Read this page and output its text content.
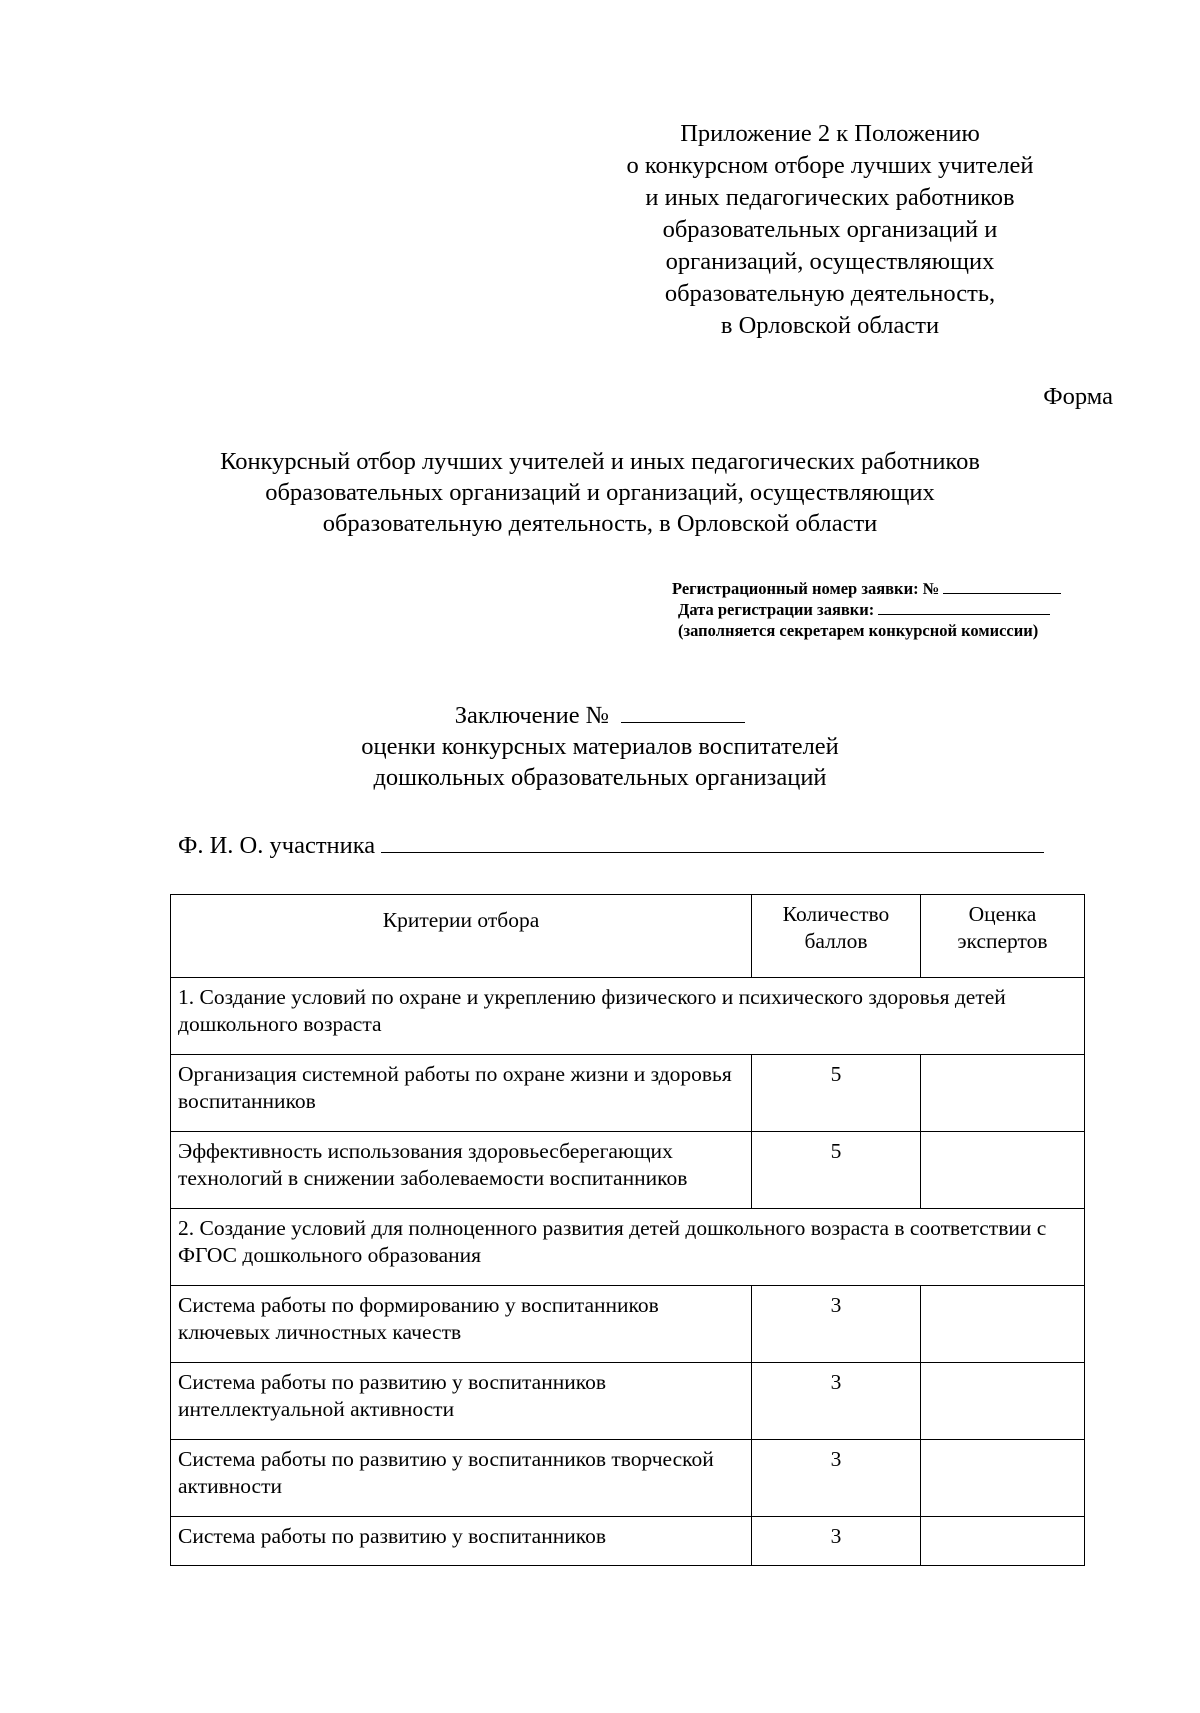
Приложение 2 к Положению
о конкурсном отборе лучших учителей
и иных педагогических работников
образовательных организаций и
организаций, осуществляющих
образовательную деятельность,
в Орловской области
Форма
Конкурсный отбор лучших учителей и иных педагогических работников
образовательных организаций и организаций, осуществляющих
образовательную деятельность, в Орловской области
Регистрационный номер заявки: №
Дата регистрации заявки:
(заполняется секретарем конкурсной комиссии)
Заключение №
оценки конкурсных материалов воспитателей
дошкольных образовательных организаций
Ф. И. О. участника
Критерии отбора	Количество баллов	Оценка экспертов
1. Создание условий по охране и укреплению физического и психического здоровья детей дошкольного возраста		
Организация системной работы по охране жизни и здоровья воспитанников	5	
Эффективность использования здоровьесберегающих технологий в снижении заболеваемости воспитанников	5	
2. Создание условий для полноценного развития детей дошкольного возраста в соответствии с ФГОС дошкольного образования		
Система работы по формированию у воспитанников ключевых личностных качеств	3	
Система работы по развитию у воспитанников интеллектуальной активности	3	
Система работы по развитию у воспитанников творческой активности	3	
Система работы по развитию у воспитанников	3	
